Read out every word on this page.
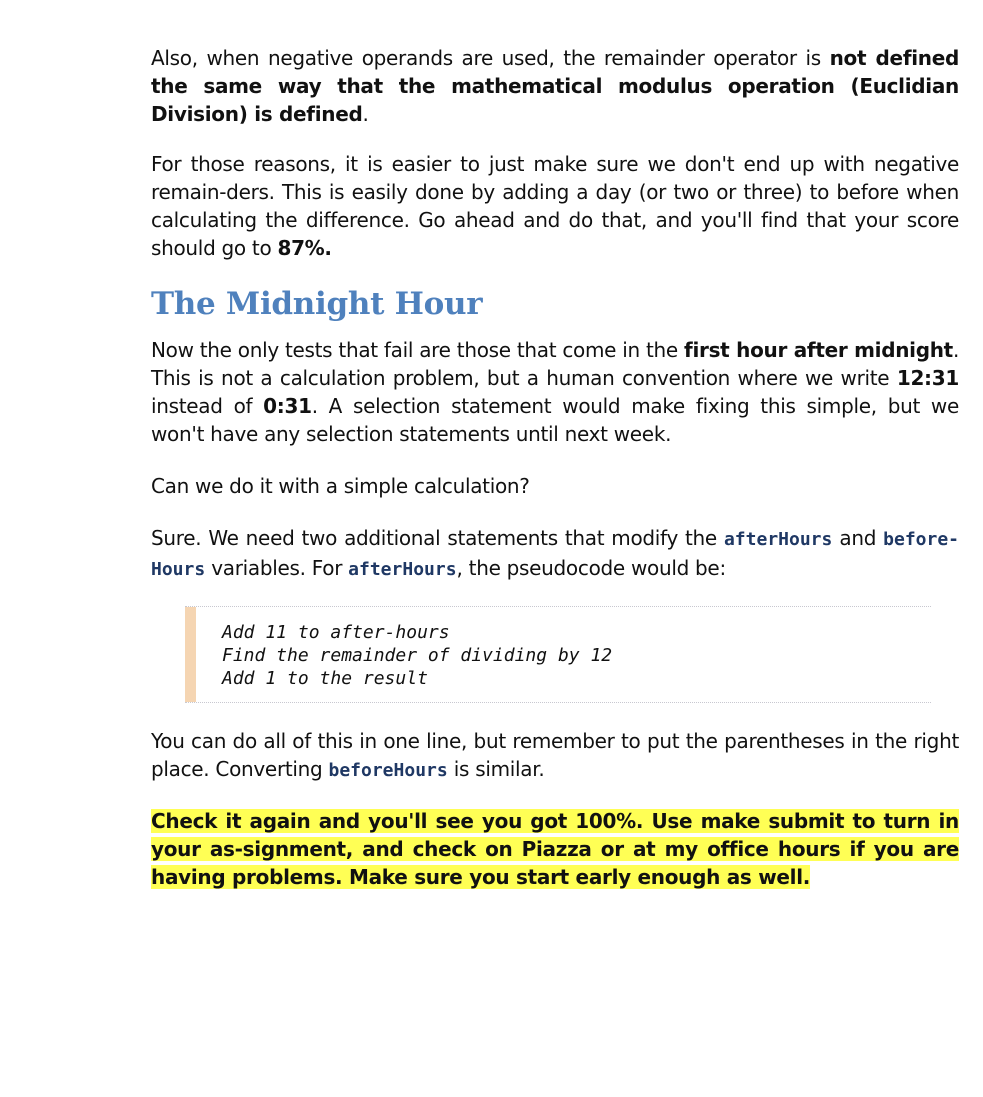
Also, when negative operands are used, the remainder operator is not defined the same way that the mathematical modulus operation (Euclidian Division) is defined.

For those reasons, it is easier to just make sure we don't end up with negative remain-ders. This is easily done by adding a day (or two or three) to before when calculating the difference. Go ahead and do that, and you'll find that your score should go to 87%.

The Midnight Hour

Now the only tests that fail are those that come in the first hour after midnight. This is not a calculation problem, but a human convention where we write 12:31 instead of 0:31. A selection statement would make fixing this simple, but we won't have any selection statements until next week.

Can we do it with a simple calculation?

Sure. We need two additional statements that modify the afterHours and before-Hours variables. For afterHours, the pseudocode would be:

Add 11 to after-hours
Find the remainder of dividing by 12
Add 1 to the result

You can do all of this in one line, but remember to put the parentheses in the right place. Converting beforeHours is similar.

Check it again and you'll see you got 100%. Use make submit to turn in your as-signment, and check on Piazza or at my office hours if you are having problems. Make sure you start early enough as well.
